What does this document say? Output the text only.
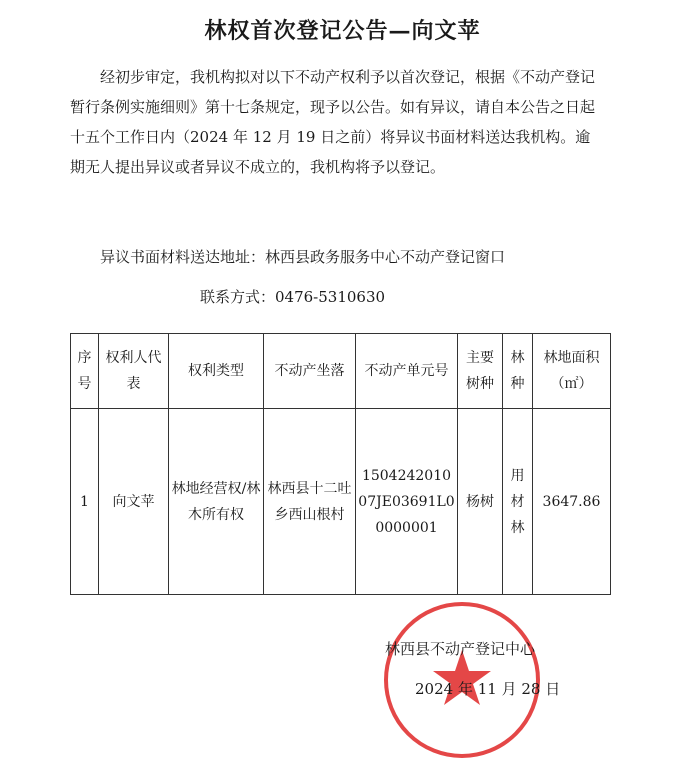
林权首次登记公告—向文苹

经初步审定，我机构拟对以下不动产权利予以首次登记，根据《不动产登记暂行条例实施细则》第十七条规定，现予以公告。如有异议，请自本公告之日起十五个工作日内（2024 年 12 月 19 日之前）将异议书面材料送达我机构。逾期无人提出异议或者异议不成立的，我机构将予以登记。

异议书面材料送达地址：林西县政务服务中心不动产登记窗口

联系方式：0476-5310630

序号	权利人代表	权利类型	不动产坐落	不动产单元号	主要树种	林种	林地面积（㎡）
1	向文苹	林地经营权/林木所有权	林西县十二吐乡西山根村	150424201007JE03691L00000001	杨树	用材林	3647.86

林西县不动产登记中心

2024 年 11 月 28 日
